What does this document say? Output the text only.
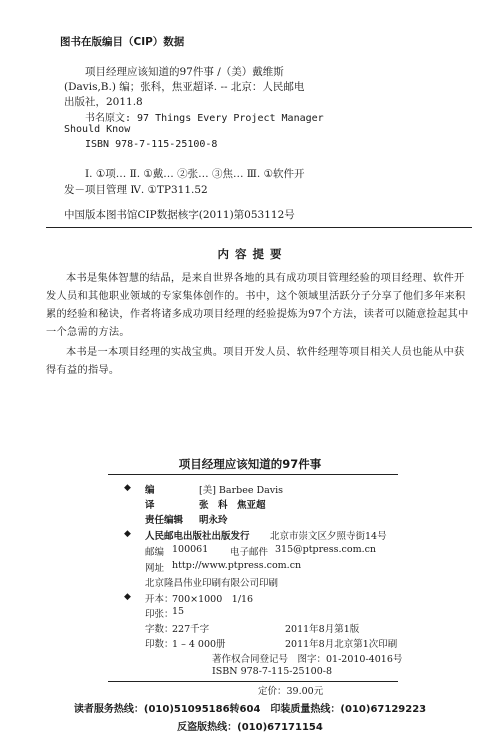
图书在版编目（CIP）数据
项目经理应该知道的97件事 /（美）戴维斯
(Davis,B.) 编；张科，焦亚超译. -- 北京：人民邮电
出版社，2011.8
书名原文: 97 Things Every Project Manager
Should Know
ISBN 978-7-115-25100-8
Ⅰ. ①项… Ⅱ. ①戴… ②张… ③焦… Ⅲ. ①软件开
发－项目管理 Ⅳ. ①TP311.52
中国版本图书馆CIP数据核字(2011)第053112号
内 容 提 要
本书是集体智慧的结晶，是来自世界各地的具有成功项目管理经验的项目经理、软件开
发人员和其他职业领域的专家集体创作的。书中，这个领域里活跃分子分享了他们多年来积
累的经验和秘诀，作者将诸多成功项目经理的经验提炼为97个方法，读者可以随意捡起其中
一个急需的方法。
本书是一本项目经理的实战宝典。项目开发人员、软件经理等项目相关人员也能从中获
得有益的指导。
项目经理应该知道的97件事
◆ 编	[美] Barbee Davis
译	张　科　焦亚超
责任编辑 明永玲
◆ 人民邮电出版社出版发行 北京市崇文区夕照寺街14号
邮编 100061 电子邮件 315@ptpress.com.cn
网址 http://www.ptpress.com.cn
北京隆昌伟业印刷有限公司印刷
◆ 开本：
700×1000　1/16
印张：
15
字数：
227千字	2011年8月第1版
印数：
1 – 4 000册	2011年8月北京第1次印刷
著作权合同登记号　图字：01-2010-4016号
ISBN 978-7-115-25100-8
定价：39.00元
读者服务热线：(010)51095186转604　印装质量热线：(010)67129223
反盗版热线：(010)67171154
